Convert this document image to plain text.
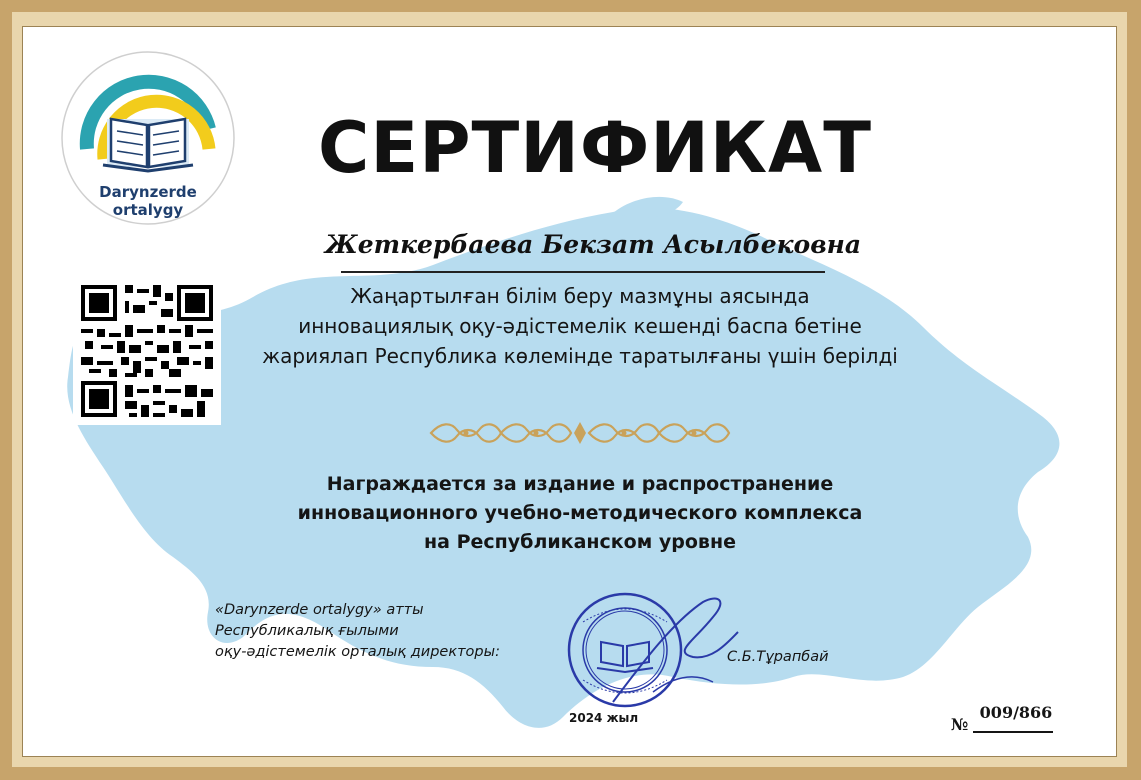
Darynzerde
ortalygy
СЕРТИФИКАТ
Жеткербаева Бекзат Асылбековна
Жаңартылған білім беру мазмұны аясында
инновациялық оқу-әдістемелік кешенді баспа бетіне
жариялап Республика көлемінде таратылғаны үшін берілді
Награждается за издание и распространение
инновационного учебно-методического комплекса
на Республиканском уровне
«Darynzerde ortalygy» атты
Республикалық ғылыми
оқу-әдістемелік орталық директоры:	С.Б.Тұрапбай
2024 жыл	№
009/866
